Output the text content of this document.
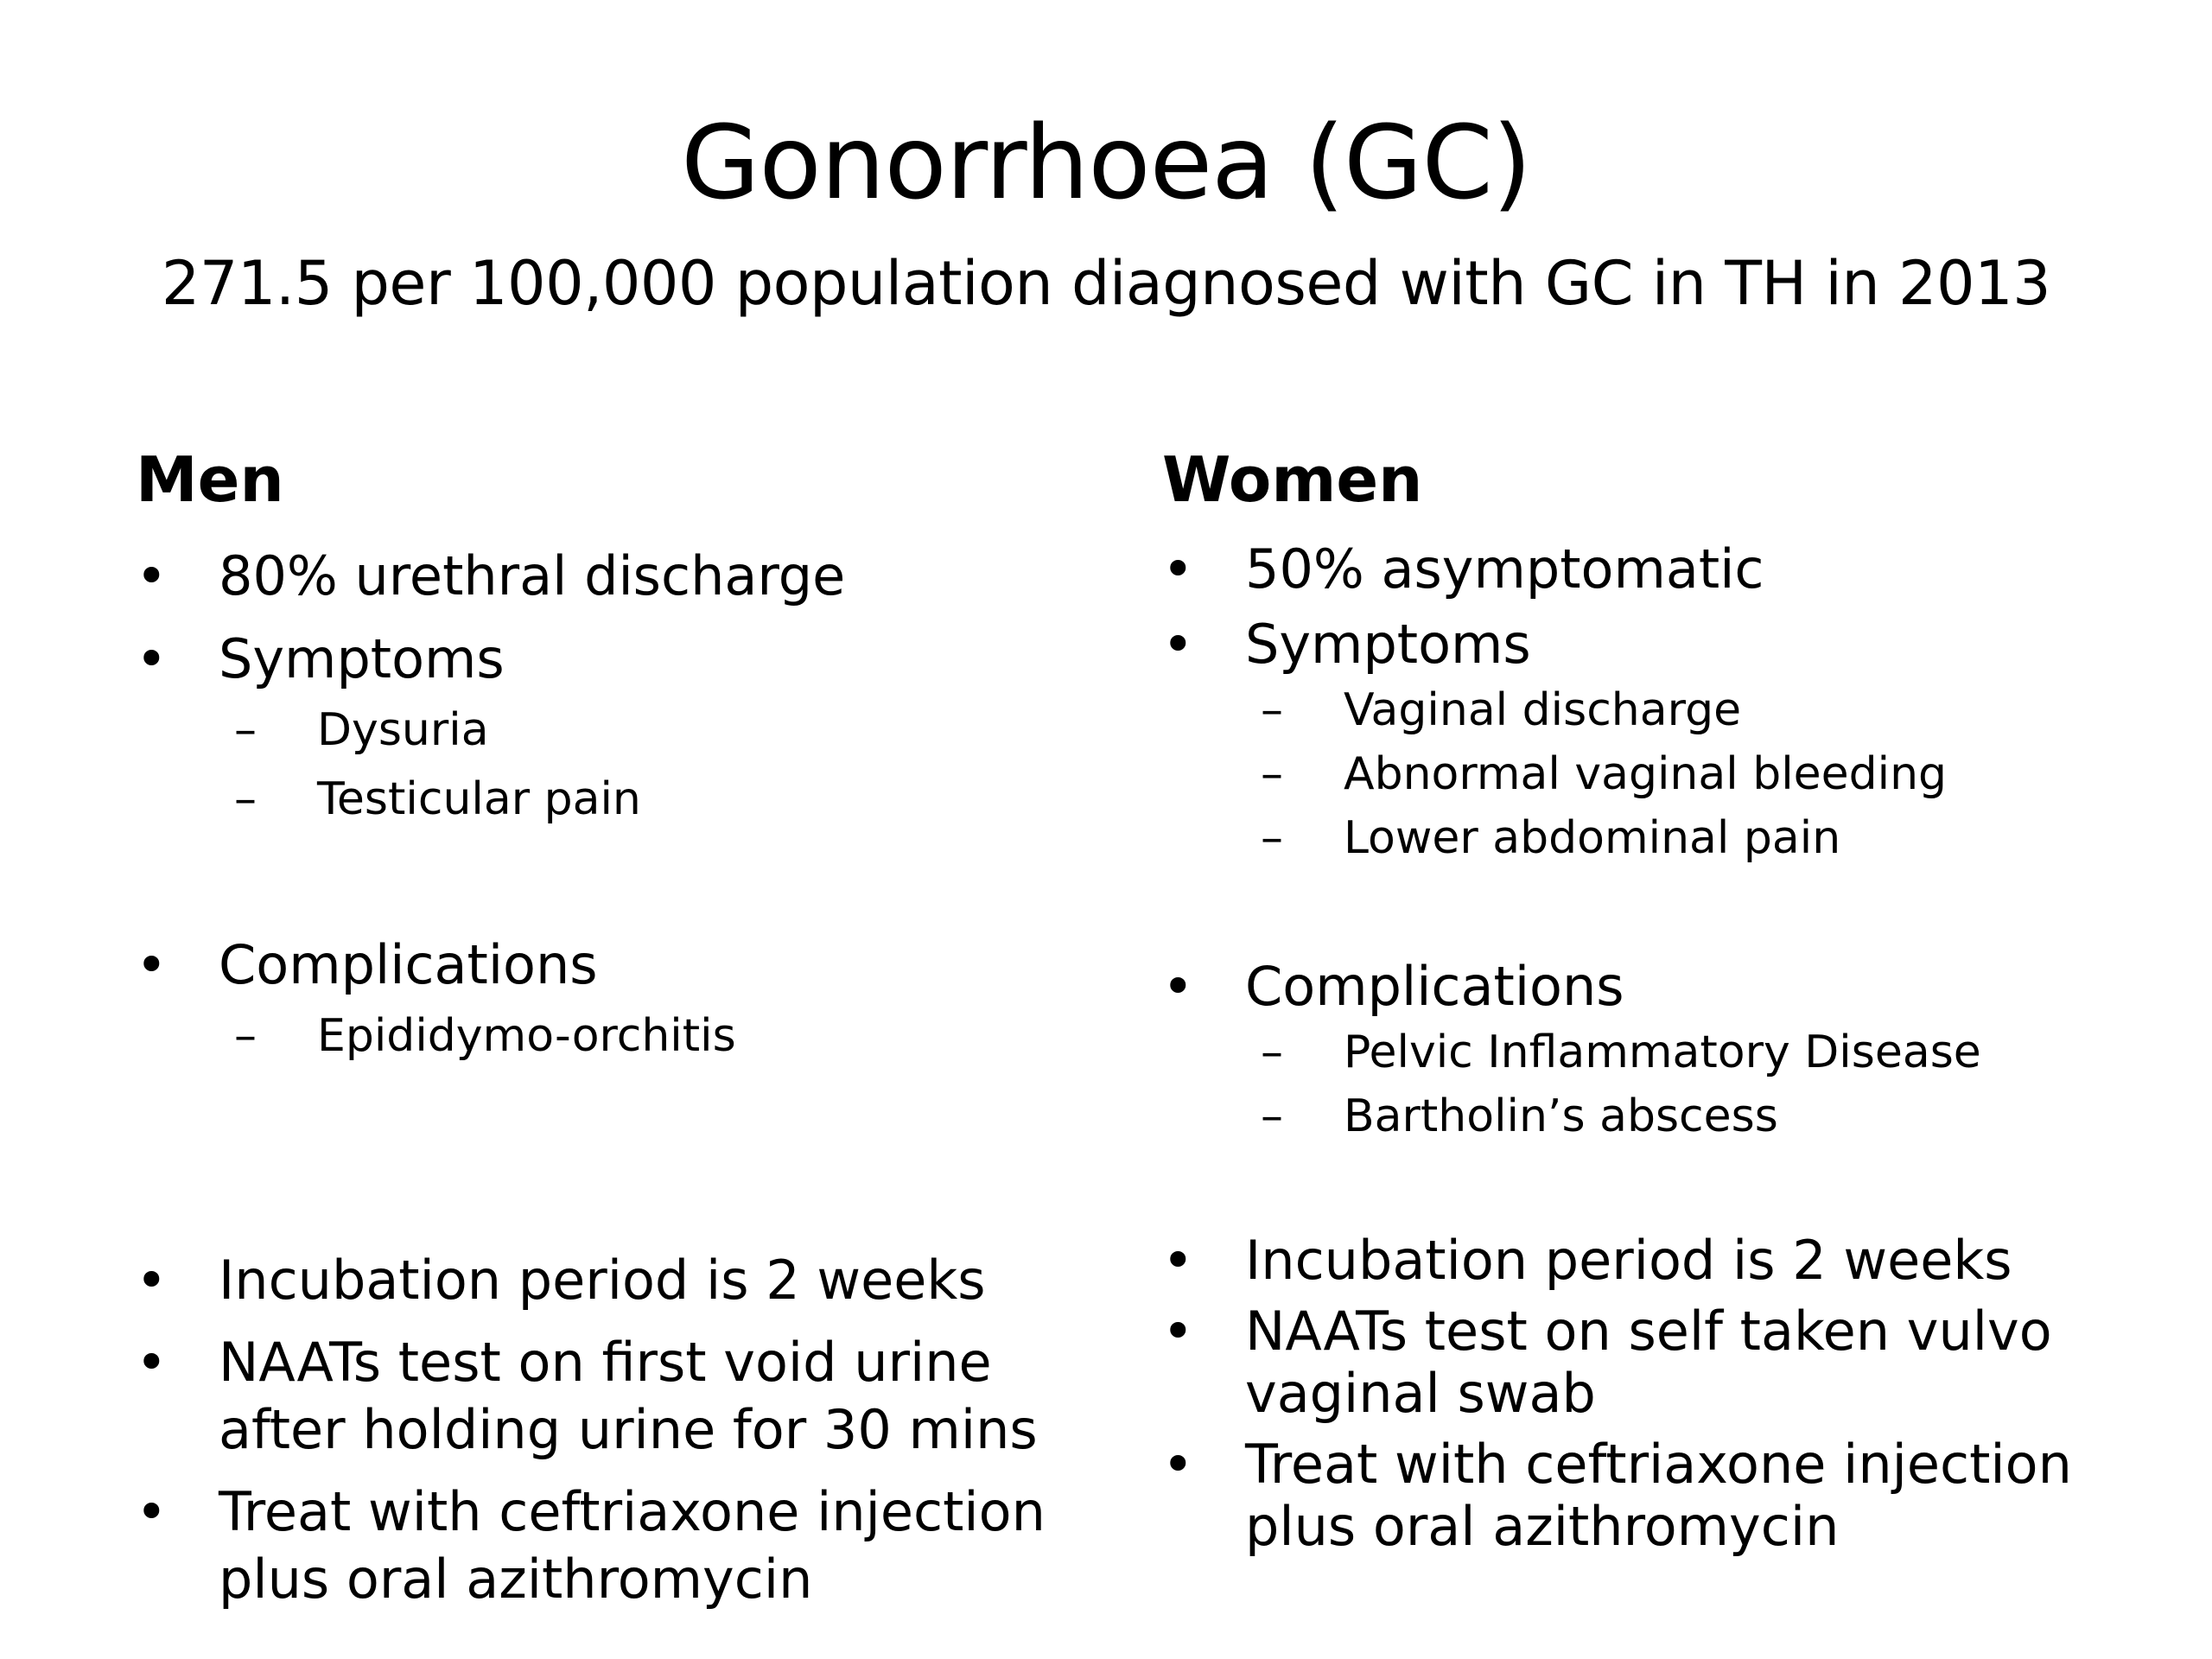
Gonorrhoea (GC)
271.5 per 100,000 population diagnosed with GC in TH in 2013
Men
• 80% urethral discharge
• Symptoms
– Dysuria
– Testicular pain
• Complications
– Epididymo-orchitis
• Incubation period is 2 weeks
• NAATs test on first void urine after holding urine for 30 mins
• Treat with ceftriaxone injection plus oral azithromycin
Women
• 50% asymptomatic
• Symptoms
– Vaginal discharge
– Abnormal vaginal bleeding
– Lower abdominal pain
• Complications
– Pelvic Inflammatory Disease
– Bartholin’s abscess
• Incubation period is 2 weeks
• NAATs test on self taken vulvo vaginal swab
• Treat with ceftriaxone injection plus oral azithromycin
